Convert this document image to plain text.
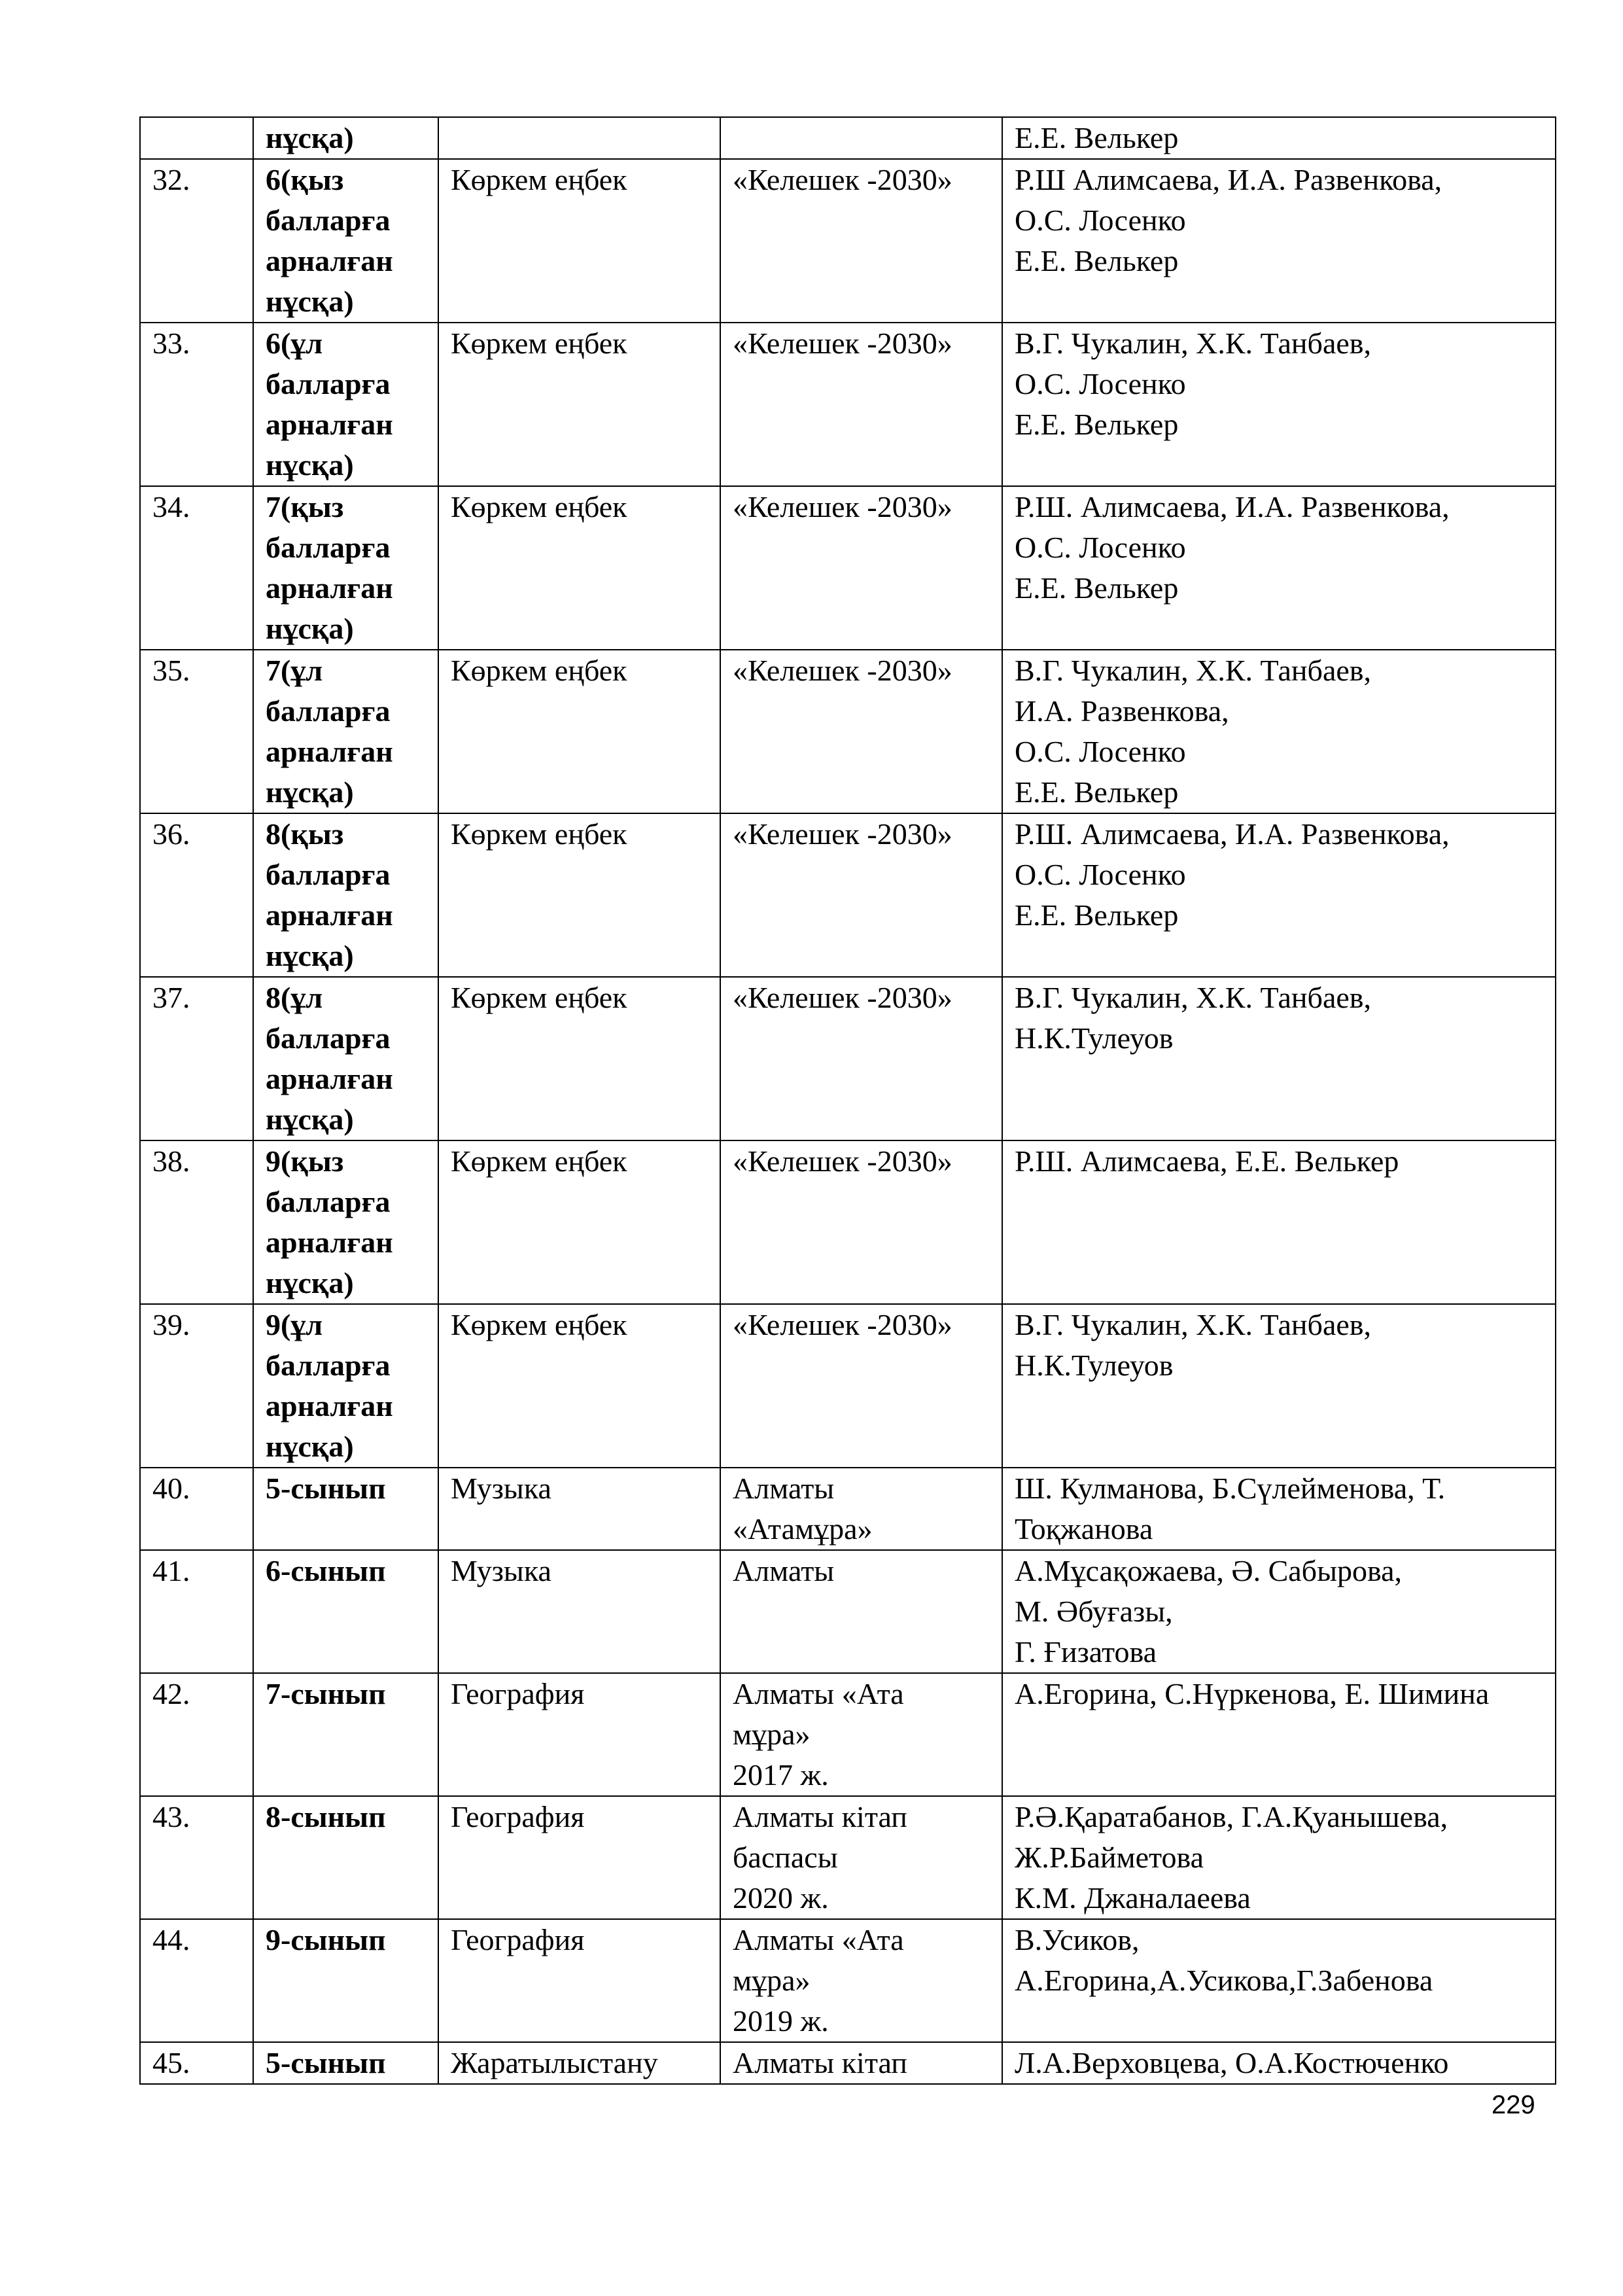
	нұсқа)			Е.Е. Велькер

32.	6(қыз
балларға
арналған
нұсқа)	Көркем еңбек	«Келешек -2030»	Р.Ш Алимсаева, И.А. Развенкова,
О.С. Лосенко
Е.Е. Велькер

33.	6(ұл
балларға
арналған
нұсқа)	Көркем еңбек	«Келешек -2030»	В.Г. Чукалин, Х.К. Танбаев,
О.С. Лосенко
Е.Е. Велькер

34.	7(қыз
балларға
арналған
нұсқа)	Көркем еңбек	«Келешек -2030»	Р.Ш. Алимсаева, И.А. Развенкова,
О.С. Лосенко
Е.Е. Велькер

35.	7(ұл
балларға
арналған
нұсқа)	Көркем еңбек	«Келешек -2030»	В.Г. Чукалин, Х.К. Танбаев,
И.А. Развенкова,
О.С. Лосенко
Е.Е. Велькер

36.	8(қыз
балларға
арналған
нұсқа)	Көркем еңбек	«Келешек -2030»	Р.Ш. Алимсаева, И.А. Развенкова,
О.С. Лосенко
Е.Е. Велькер

37.	8(ұл
балларға
арналған
нұсқа)	Көркем еңбек	«Келешек -2030»	В.Г. Чукалин, Х.К. Танбаев,
Н.К.Тулеуов

38.	9(қыз
балларға
арналған
нұсқа)	Көркем еңбек	«Келешек -2030»	Р.Ш. Алимсаева, Е.Е. Велькер

39.	9(ұл
балларға
арналған
нұсқа)	Көркем еңбек	«Келешек -2030»	В.Г. Чукалин, Х.К. Танбаев,
Н.К.Тулеуов

40.	5-сынып	Музыка	Алматы
«Атамұра»	Ш. Кулманова, Б.Сүлейменова, Т.
Тоқжанова

41.	6-сынып	Музыка	Алматы	А.Мұсақожаева, Ә. Сабырова,
М. Әбуғазы,
Г. Ғизатова

42.	7-сынып	География	Алматы «Ата
мұра»
2017 ж.	А.Егорина, С.Нүркенова, Е. Шимина

43.	8-сынып	География	Алматы кітап
баспасы
2020 ж.	Р.Ә.Қаратабанов, Г.А.Қуанышева,
Ж.Р.Байметова
К.М. Джаналаеева

44.	9-сынып	География	Алматы «Ата
мұра»
2019 ж.	В.Усиков,
А.Егорина,А.Усикова,Г.Забенова

45.	5-сынып	Жаратылыстану	Алматы кітап	Л.А.Верховцева, О.А.Костюченко
229
